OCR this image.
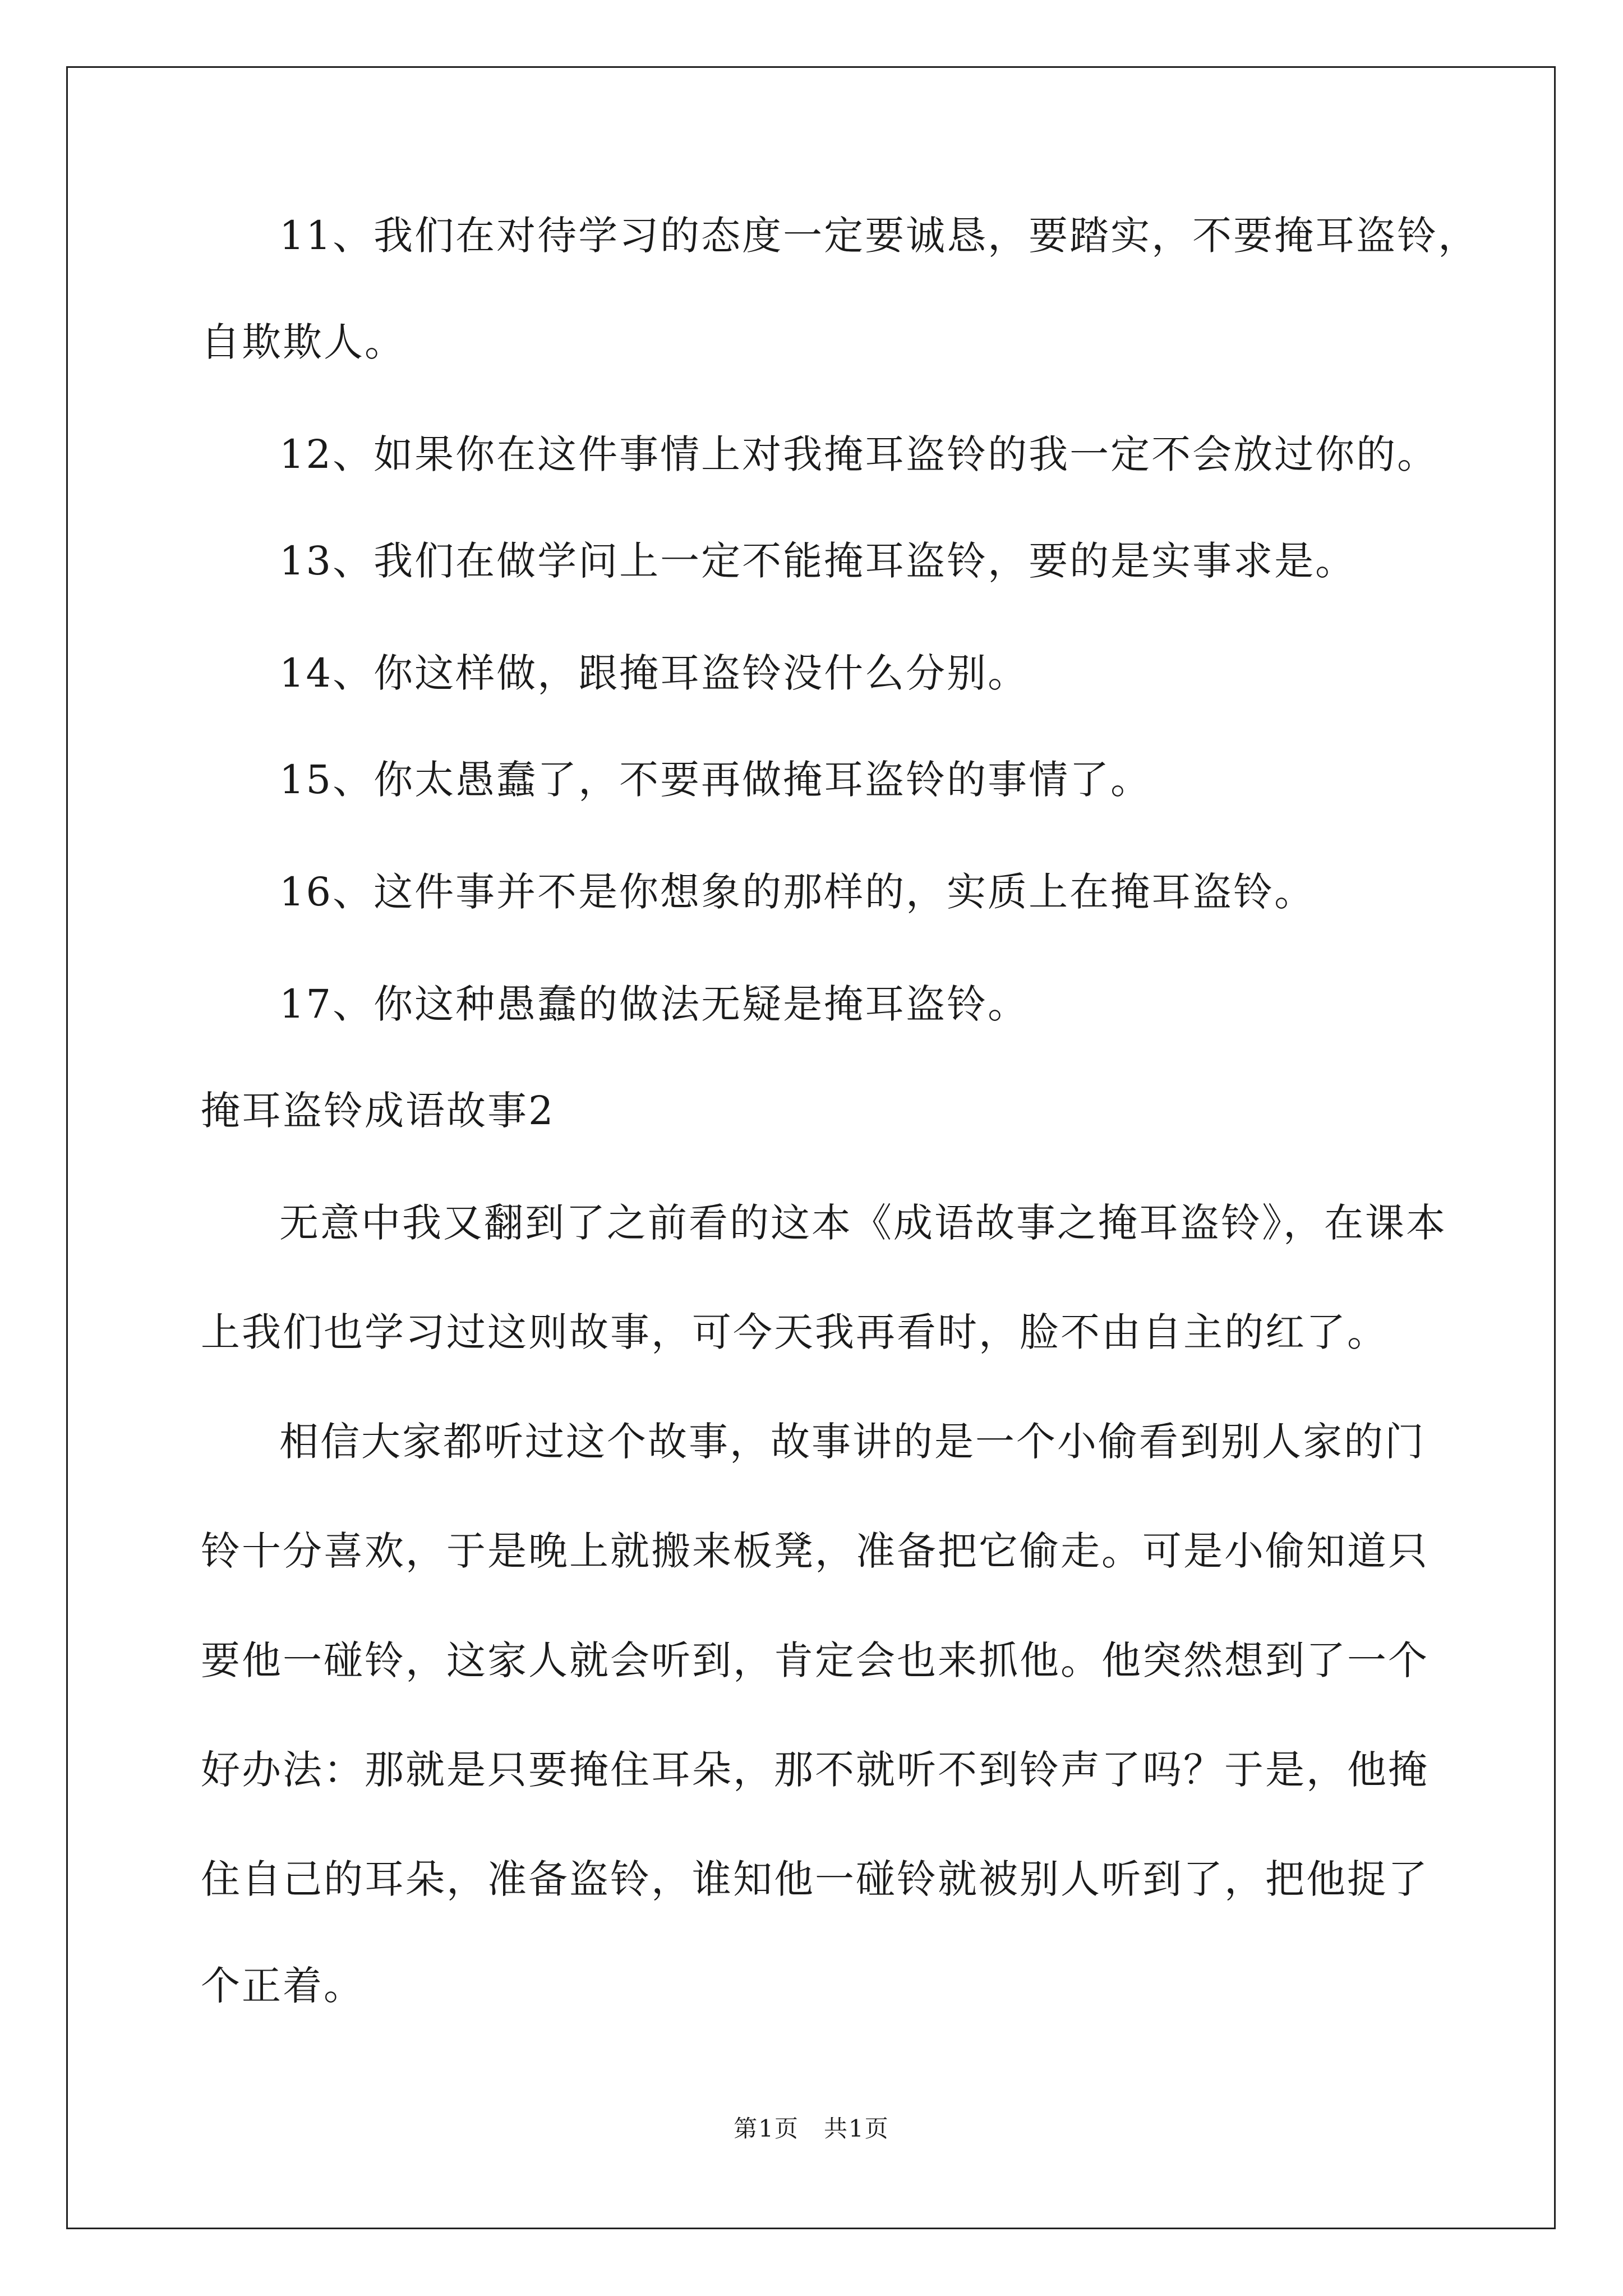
11、我们在对待学习的态度一定要诚恳，要踏实，不要掩耳盗铃，
自欺欺人。
12、如果你在这件事情上对我掩耳盗铃的我一定不会放过你的。
13、我们在做学问上一定不能掩耳盗铃，要的是实事求是。
14、你这样做，跟掩耳盗铃没什么分别。
15、你太愚蠢了，不要再做掩耳盗铃的事情了。
16、这件事并不是你想象的那样的，实质上在掩耳盗铃。
17、你这种愚蠢的做法无疑是掩耳盗铃。
掩耳盗铃成语故事2
无意中我又翻到了之前看的这本《成语故事之掩耳盗铃》，在课本
上我们也学习过这则故事，可今天我再看时，脸不由自主的红了。
相信大家都听过这个故事，故事讲的是一个小偷看到别人家的门
铃十分喜欢，于是晚上就搬来板凳，准备把它偷走。可是小偷知道只
要他一碰铃，这家人就会听到，肯定会也来抓他。他突然想到了一个
好办法：那就是只要掩住耳朵，那不就听不到铃声了吗？于是，他掩
住自己的耳朵，准备盗铃，谁知他一碰铃就被别人听到了，把他捉了
个正着。
第1页　共1页
